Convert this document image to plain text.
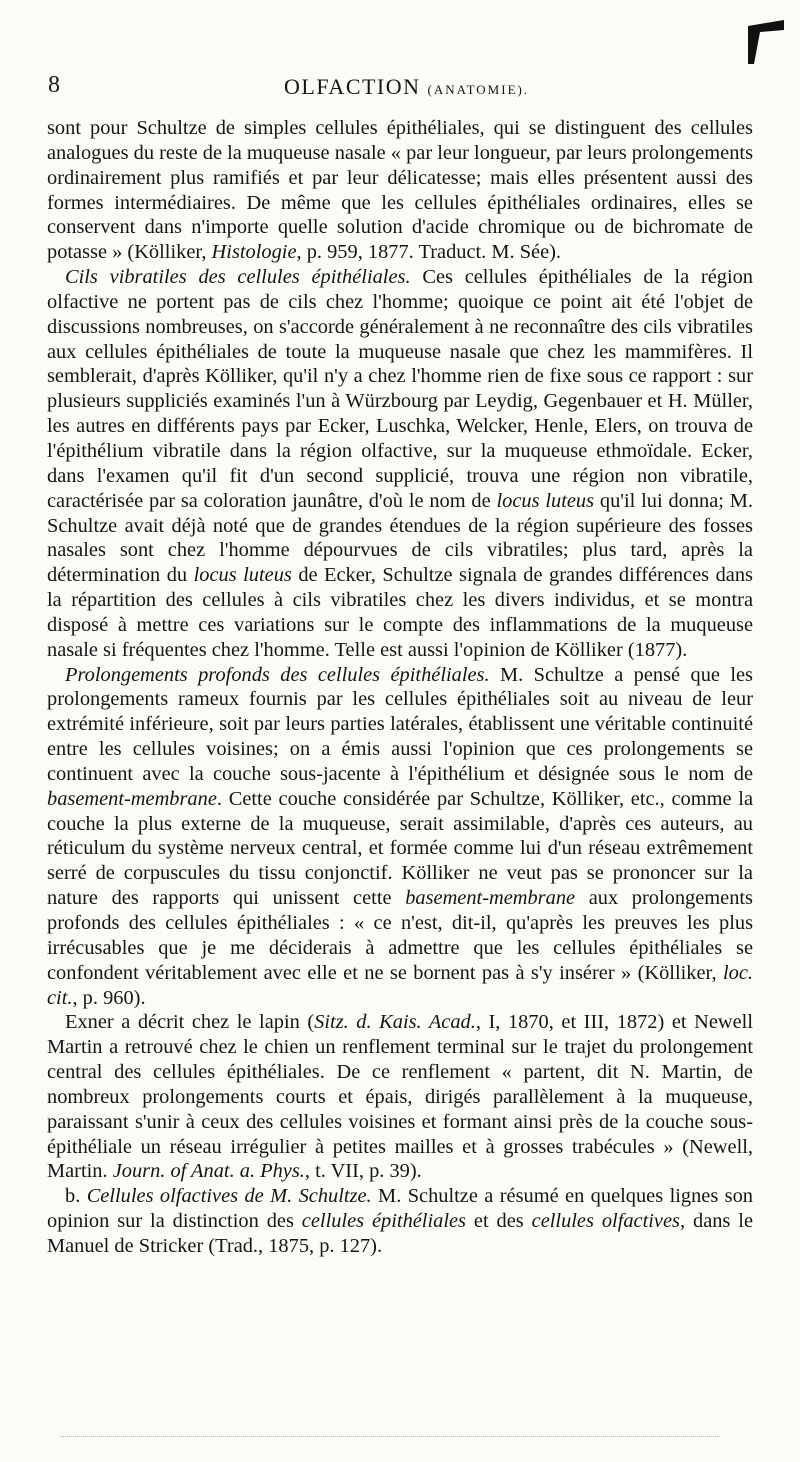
8	OLFACTION (ANATOMIE).

sont pour Schultze de simples cellules épithéliales, qui se distinguent des cellules analogues du reste de la muqueuse nasale « par leur longueur, par leurs prolongements ordinairement plus ramifiés et par leur délicatesse; mais elles présentent aussi des formes intermédiaires. De même que les cellules épithéliales ordinaires, elles se conservent dans n'importe quelle solution d'acide chromique ou de bichromate de potasse » (Kölliker, Histologie, p. 959, 1877. Traduct. M. Sée).

Cils vibratiles des cellules épithéliales. Ces cellules épithéliales de la région olfactive ne portent pas de cils chez l'homme; quoique ce point ait été l'objet de discussions nombreuses, on s'accorde généralement à ne reconnaître des cils vibratiles aux cellules épithéliales de toute la muqueuse nasale que chez les mammifères. Il semblerait, d'après Kölliker, qu'il n'y a chez l'homme rien de fixe sous ce rapport : sur plusieurs suppliciés examinés l'un à Würzbourg par Leydig, Gegenbauer et H. Müller, les autres en différents pays par Ecker, Luschka, Welcker, Henle, Elers, on trouva de l'épithélium vibratile dans la région olfactive, sur la muqueuse ethmoïdale. Ecker, dans l'examen qu'il fit d'un second supplicié, trouva une région non vibratile, caractérisée par sa coloration jaunâtre, d'où le nom de locus luteus qu'il lui donna; M. Schultze avait déjà noté que de grandes étendues de la région supérieure des fosses nasales sont chez l'homme dépourvues de cils vibratiles; plus tard, après la détermination du locus luteus de Ecker, Schultze signala de grandes différences dans la répartition des cellules à cils vibratiles chez les divers individus, et se montra disposé à mettre ces variations sur le compte des inflammations de la muqueuse nasale si fréquentes chez l'homme. Telle est aussi l'opinion de Kölliker (1877).

Prolongements profonds des cellules épithéliales. M. Schultze a pensé que les prolongements rameux fournis par les cellules épithéliales soit au niveau de leur extrémité inférieure, soit par leurs parties latérales, établissent une véritable continuité entre les cellules voisines; on a émis aussi l'opinion que ces prolongements se continuent avec la couche sous-jacente à l'épithélium et désignée sous le nom de basement-membrane. Cette couche considérée par Schultze, Kölliker, etc., comme la couche la plus externe de la muqueuse, serait assimilable, d'après ces auteurs, au réticulum du système nerveux central, et formée comme lui d'un réseau extrêmement serré de corpuscules du tissu conjonctif. Kölliker ne veut pas se prononcer sur la nature des rapports qui unissent cette basement-membrane aux prolongements profonds des cellules épithéliales : « ce n'est, dit-il, qu'après les preuves les plus irrécusables que je me déciderais à admettre que les cellules épithéliales se confondent véritablement avec elle et ne se bornent pas à s'y insérer » (Kölliker, loc. cit., p. 960).

Exner a décrit chez le lapin (Sitz. d. Kais. Acad., I, 1870, et III, 1872) et Newell Martin a retrouvé chez le chien un renflement terminal sur le trajet du prolongement central des cellules épithéliales. De ce renflement « partent, dit N. Martin, de nombreux prolongements courts et épais, dirigés parallèlement à la muqueuse, paraissant s'unir à ceux des cellules voisines et formant ainsi près de la couche sous-épithéliale un réseau irrégulier à petites mailles et à grosses trabécules » (Newell, Martin. Journ. of Anat. a. Phys., t. VII, p. 39).

b. Cellules olfactives de M. Schultze. M. Schultze a résumé en quelques lignes son opinion sur la distinction des cellules épithéliales et des cellules olfactives, dans le Manuel de Stricker (Trad., 1875, p. 127).
